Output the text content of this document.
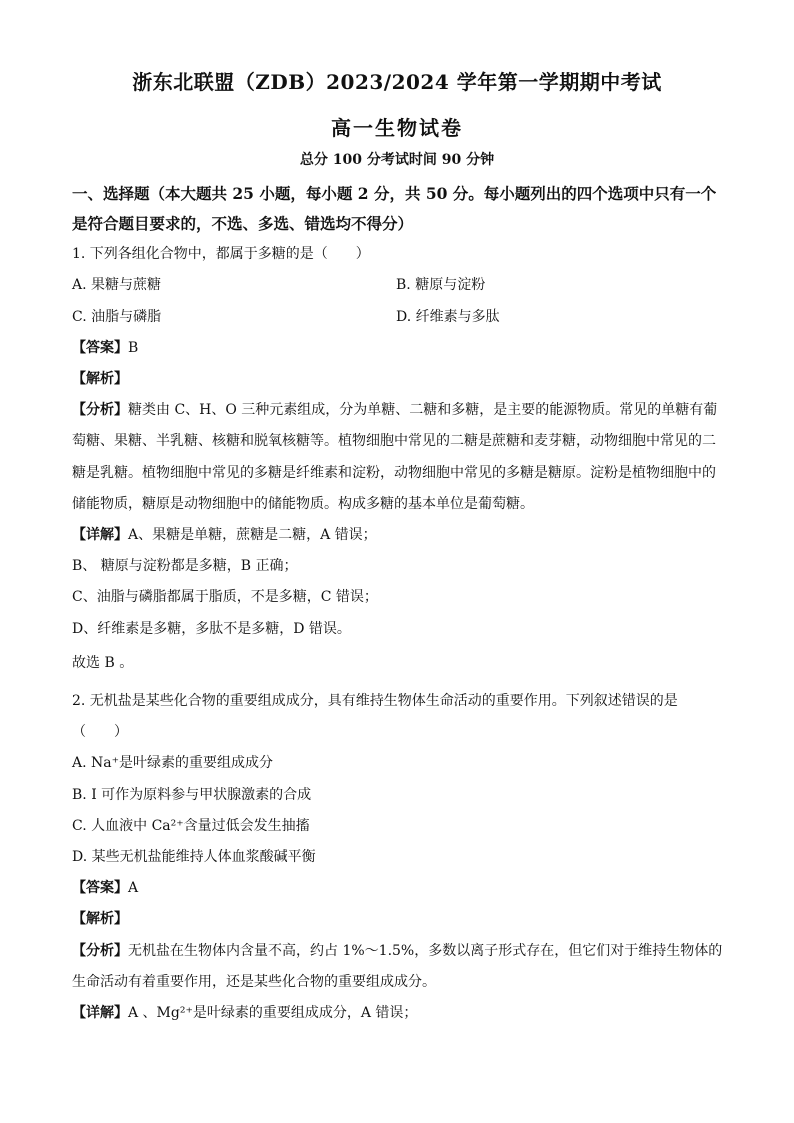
浙东北联盟（ZDB）2023/2024 学年第一学期期中考试
高一生物试卷
总分 100 分考试时间 90 分钟
一、选择题（本大题共 25 小题，每小题 2 分，共 50 分。每小题列出的四个选项中只有一个
是符合题目要求的，不选、多选、错选均不得分）
1. 下列各组化合物中，都属于多糖的是（　　）
A. 果糖与蔗糖	B. 糖原与淀粉
C. 油脂与磷脂	D. 纤维素与多肽
【答案】B
【解析】
【分析】糖类由 C、H、O 三种元素组成，分为单糖、二糖和多糖，是主要的能源物质。常见的单糖有葡
萄糖、果糖、半乳糖、核糖和脱氧核糖等。植物细胞中常见的二糖是蔗糖和麦芽糖，动物细胞中常见的二
糖是乳糖。植物细胞中常见的多糖是纤维素和淀粉，动物细胞中常见的多糖是糖原。淀粉是植物细胞中的
储能物质，糖原是动物细胞中的储能物质。构成多糖的基本单位是葡萄糖。
【详解】A、果糖是单糖，蔗糖是二糖，A 错误；
B、 糖原与淀粉都是多糖，B 正确；
C、油脂与磷脂都属于脂质，不是多糖，C 错误；
D、纤维素是多糖，多肽不是多糖，D 错误。
故选 B 。
2. 无机盐是某些化合物的重要组成成分，具有维持生物体生命活动的重要作用。下列叙述错误的是
（　　）
A. Na⁺是叶绿素的重要组成成分
B. I 可作为原料参与甲状腺激素的合成
C. 人血液中 Ca²⁺含量过低会发生抽搐
D. 某些无机盐能维持人体血浆酸碱平衡
【答案】A
【解析】
【分析】无机盐在生物体内含量不高，约占 1%～1.5%，多数以离子形式存在，但它们对于维持生物体的
生命活动有着重要作用，还是某些化合物的重要组成成分。
【详解】A 、Mg²⁺是叶绿素的重要组成成分，A 错误；
